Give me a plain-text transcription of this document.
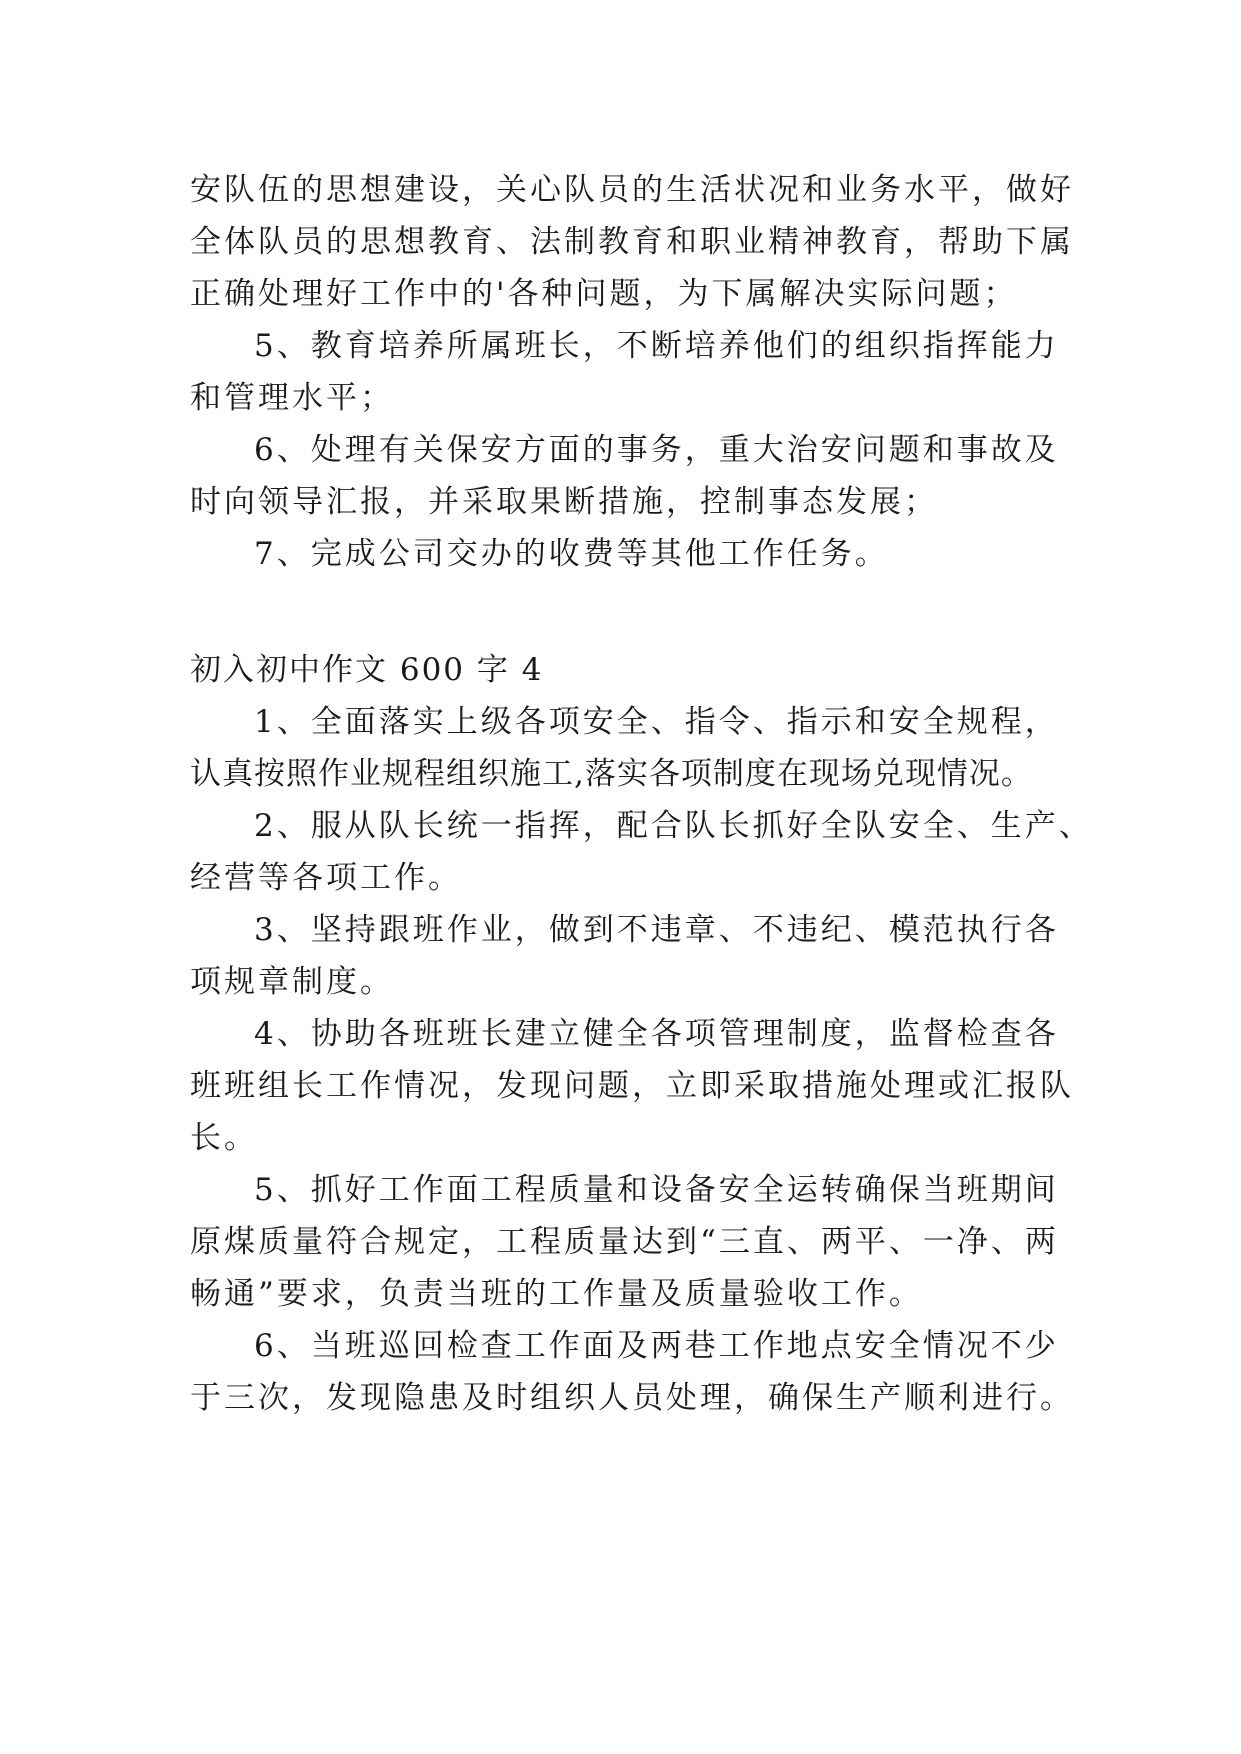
安队伍的思想建设，关心队员的生活状况和业务水平，做好
全体队员的思想教育、法制教育和职业精神教育，帮助下属
正确处理好工作中的'各种问题，为下属解决实际问题；

5、教育培养所属班长，不断培养他们的组织指挥能力
和管理水平；

6、处理有关保安方面的事务，重大治安问题和事故及
时向领导汇报，并采取果断措施，控制事态发展；

7、完成公司交办的收费等其他工作任务。

初入初中作文 600 字 4

1、全面落实上级各项安全、指令、指示和安全规程，
认真按照作业规程组织施工,落实各项制度在现场兑现情况。

2、服从队长统一指挥，配合队长抓好全队安全、生产、
经营等各项工作。

3、坚持跟班作业，做到不违章、不违纪、模范执行各
项规章制度。

4、协助各班班长建立健全各项管理制度，监督检查各
班班组长工作情况，发现问题，立即采取措施处理或汇报队
长。

5、抓好工作面工程质量和设备安全运转确保当班期间
原煤质量符合规定，工程质量达到“三直、两平、一净、两
畅通”要求，负责当班的工作量及质量验收工作。

6、当班巡回检查工作面及两巷工作地点安全情况不少
于三次，发现隐患及时组织人员处理，确保生产顺利进行。
